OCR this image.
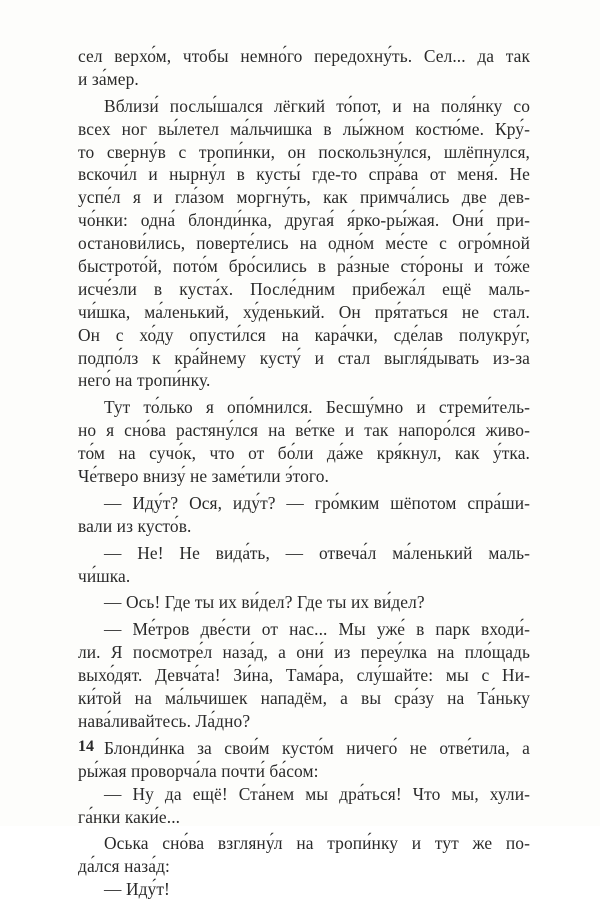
сел верхо́м, чтобы немно́го передохну́ть. Сел... да так
и за́мер.
Вблизи́ послы́шался лёгкий то́пот, и на поля́нку со
всех ног вы́летел ма́льчишка в лы́жном костю́ме. Кру́-
то сверну́в с тропи́нки, он поскользну́лся, шлёпнулся,
вскочи́л и нырну́л в кусты́ где-то спра́ва от меня́. Не
успе́л я и гла́зом моргну́ть, как примча́лись две дев-
чо́нки: одна́ блонди́нка, другая́ я́рко-ры́жая. Они́ при-
останови́лись, поверте́лись на одно́м ме́сте с огро́мной
быстрото́й, пото́м бро́сились в ра́зные сто́роны и то́же
исче́зли в куста́х. После́дним прибежа́л ещё маль-
чи́шка, ма́ленький, ху́денький. Он пря́таться не стал.
Он с хо́ду опусти́лся на кара́чки, сде́лав полукру́г,
подпо́лз к кра́йнему кусту́ и стал выгля́дывать из-за
него́ на тропи́нку.
Тут то́лько я опо́мнился. Бесшу́мно и стреми́тель-
но я сно́ва растяну́лся на ве́тке и так напоро́лся живо-
то́м на сучо́к, что от бо́ли да́же кря́кнул, как у́тка.
Че́тверо внизу́ не заме́тили э́того.
— Иду́т? Ося, иду́т? — гро́мким шёпотом спра́ши-
вали из кусто́в.
— Не! Не вида́ть, — отвеча́л ма́ленький маль-
чи́шка.
— Ось! Где ты их ви́дел? Где ты их ви́дел?
— Ме́тров две́сти от нас... Мы уже́ в парк входи́-
ли. Я посмотре́л наза́д, а они́ из переу́лка на пло́щадь
выхо́дят. Девча́та! Зи́на, Тама́ра, слу́шайте: мы с Ни-
ки́той на ма́льчишек нападём, а вы сра́зу на Та́ньку
нава́ливайтесь. Ла́дно?
Блонди́нка за свои́м кусто́м ничего́ не отве́тила, а
ры́жая проворча́ла почти́ ба́сом:
— Ну да ещё! Ста́нем мы дра́ться! Что мы, хули-
га́нки каки́е...
Оська сно́ва взгляну́л на тропи́нку и тут же по-
да́лся наза́д:
— Иду́т!
14
